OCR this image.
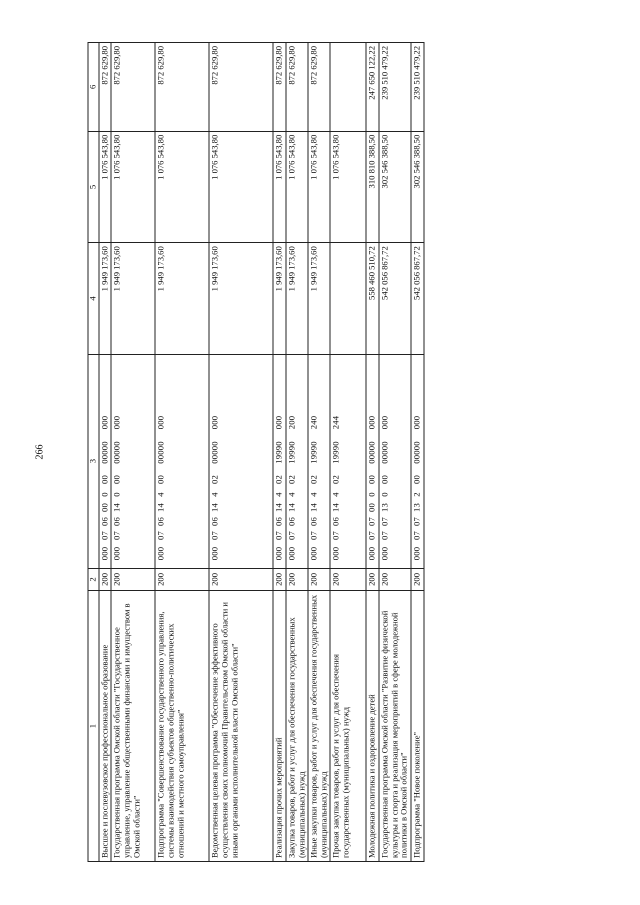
266
1	2	3	4	5	6
Высшее и послевузовское профессиональное образование	200	00007060000000000000	1 949 173,60	1 076 543,80	872 629,80
Государственная программа Омской области "Государственное управление, управление общественными финансами и имуществом в Омской области"	200	00007061400000000000	1 949 173,60	1 076 543,80	872 629,80
Подпрограмма "Совершенствование государственного управления, системы взаимодействия субъектов общественно-политических отношений и местного самоуправления"	200	00007061440000000000	1 949 173,60	1 076 543,80	872 629,80
Ведомственная целевая программа "Обеспечение эффективного осуществления своих полномочий Правительством Омской области и иными органами исполнительной власти Омской области"	200	00007061440200000000	1 949 173,60	1 076 543,80	872 629,80
Реализация прочих мероприятий	200	00007061440219990000	1 949 173,60	1 076 543,80	872 629,80
Закупка товаров, работ и услуг для обеспечения государственных (муниципальных) нужд	200	00007061440219990200	1 949 173,60	1 076 543,80	872 629,80
Иные закупки товаров, работ и услуг для обеспечения государственных (муниципальных) нужд	200	00007061440219990240	1 949 173,60	1 076 543,80	872 629,80
Прочая закупка товаров, работ и услуг для обеспечения государственных (муниципальных) нужд	200	00007061440219990244		1 076 543,80	
Молодежная политика и оздоровление детей	200	00007070000000000000	558 460 510,72	310 810 388,50	247 650 122,22
Государственная программа Омской области "Развитие физической культуры и спорта и реализация мероприятий в сфере молодежной политики в Омской области"	200	00007071300000000000	542 056 867,72	302 546 388,50	239 510 479,22
Подпрограмма "Новое поколение"	200	00007071320000000000	542 056 867,72	302 546 388,50	239 510 479,22
